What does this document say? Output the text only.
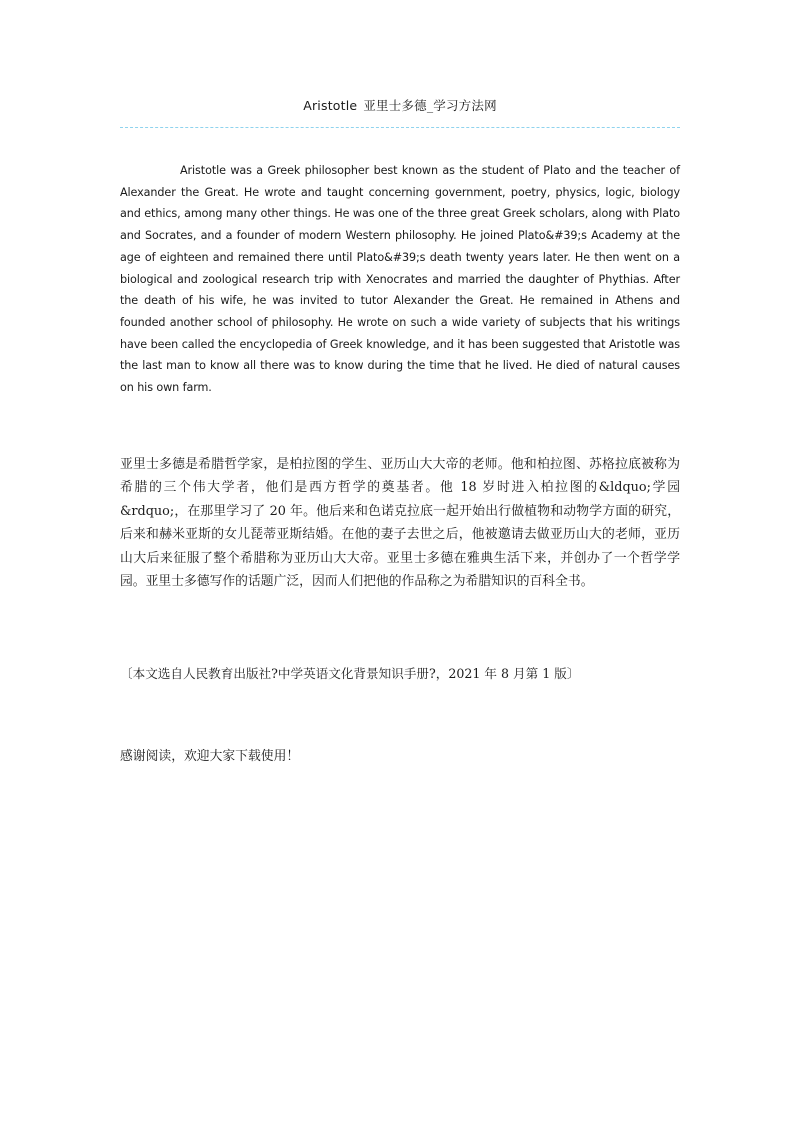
Aristotle 亚里士多德_学习方法网

Aristotle was a Greek philosopher best known as the student of Plato and the teacher of Alexander the Great. He wrote and taught concerning government, poetry, physics, logic, biology and ethics, among many other things. He was one of the three great Greek scholars, along with Plato and Socrates, and a founder of modern Western philosophy. He joined Plato&#39;s Academy at the age of eighteen and remained there until Plato&#39;s death twenty years later. He then went on a biological and zoological research trip with Xenocrates and married the daughter of Phythias. After the death of his wife, he was invited to tutor Alexander the Great. He remained in Athens and founded another school of philosophy. He wrote on such a wide variety of subjects that his writings have been called the encyclopedia of Greek knowledge, and it has been suggested that Aristotle was the last man to know all there was to know during the time that he lived. He died of natural causes on his own farm.

亚里士多德是希腊哲学家，是柏拉图的学生、亚历山大大帝的老师。他和柏拉图、苏格拉底被称为希腊的三个伟大学者，他们是西方哲学的奠基者。他 18 岁时进入柏拉图的&ldquo;学园&rdquo;，在那里学习了 20 年。他后来和色诺克拉底一起开始出行做植物和动物学方面的研究，后来和赫米亚斯的女儿琵蒂亚斯结婚。在他的妻子去世之后，他被邀请去做亚历山大的老师，亚历山大后来征服了整个希腊称为亚历山大大帝。亚里士多德在雅典生活下来，并创办了一个哲学学园。亚里士多德写作的话题广泛，因而人们把他的作品称之为希腊知识的百科全书。

〔本文选自人民教育出版社?中学英语文化背景知识手册?，2021 年 8 月第 1 版〕

感谢阅读，欢迎大家下载使用！
